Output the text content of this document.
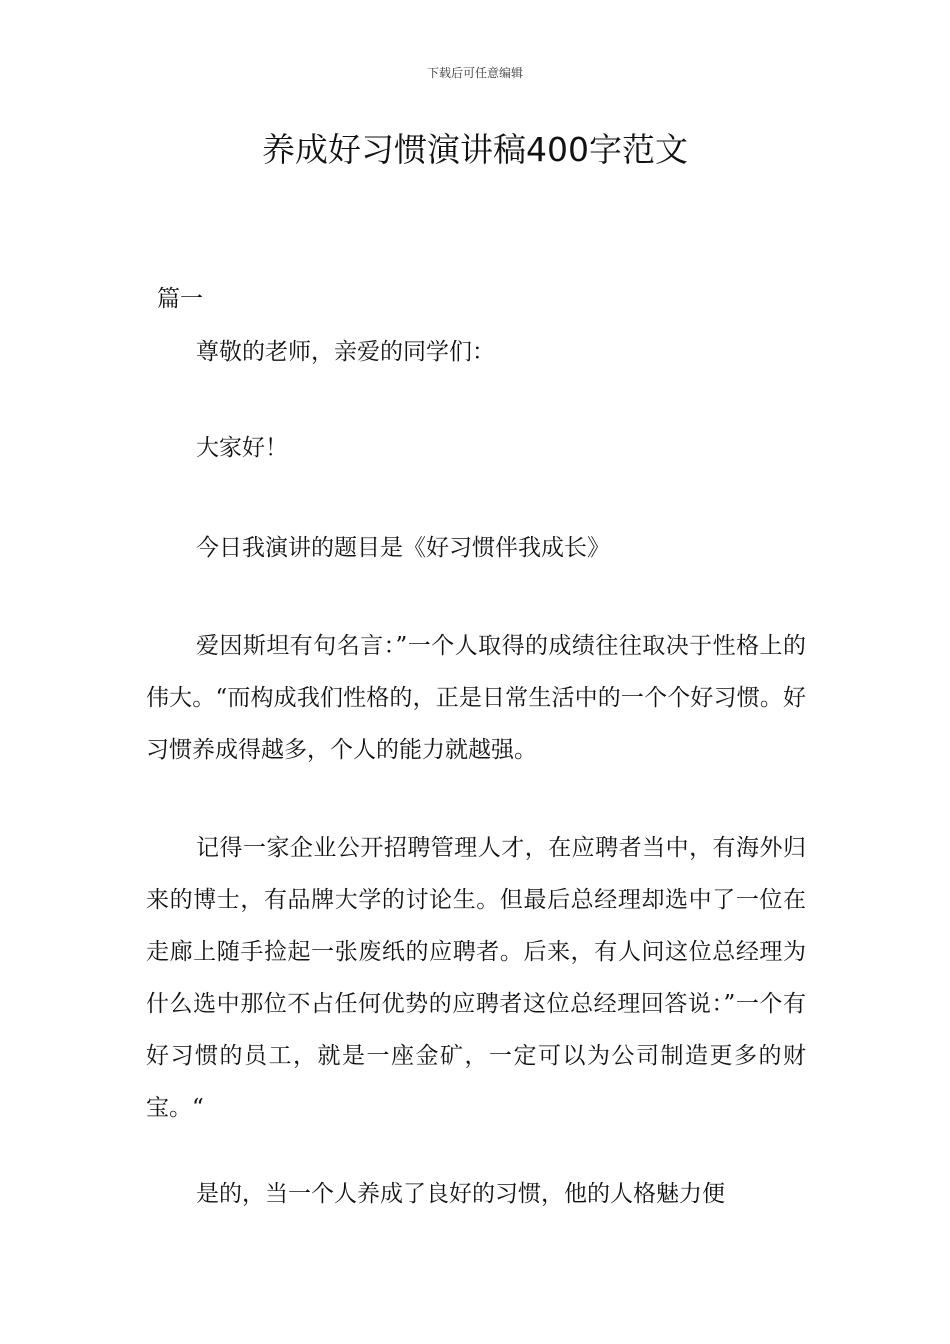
下载后可任意编辑
养成好习惯演讲稿400字范文
篇一

尊敬的老师，亲爱的同学们：

大家好！

今日我演讲的题目是《好习惯伴我成长》

爱因斯坦有句名言：”一个人取得的成绩往往取决于性格上的伟大。“而构成我们性格的，正是日常生活中的一个个好习惯。好习惯养成得越多，个人的能力就越强。

记得一家企业公开招聘管理人才，在应聘者当中，有海外归来的博士，有品牌大学的讨论生。但最后总经理却选中了一位在走廊上随手捡起一张废纸的应聘者。后来，有人问这位总经理为什么选中那位不占任何优势的应聘者这位总经理回答说：”一个有好习惯的员工，就是一座金矿，一定可以为公司制造更多的财宝。“

是的，当一个人养成了良好的习惯，他的人格魅力便
